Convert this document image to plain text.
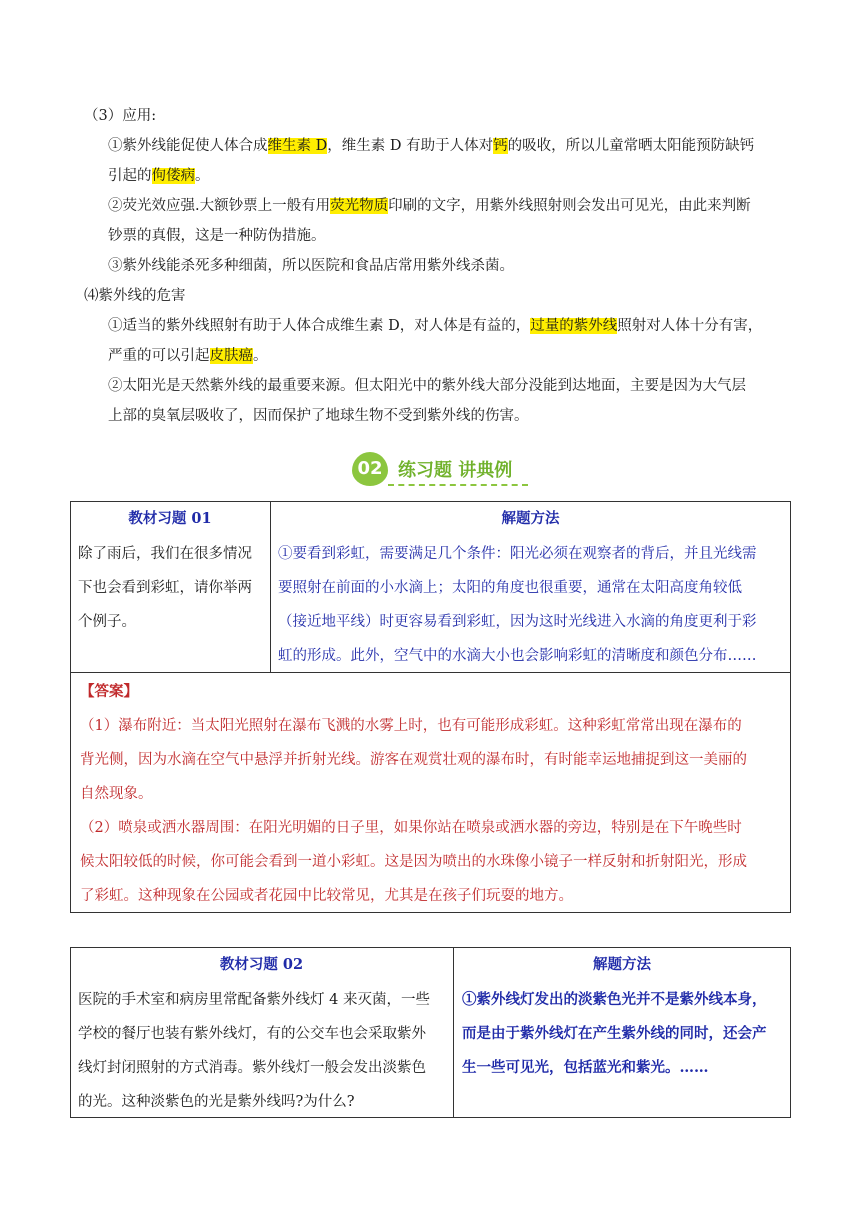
（3）应用:
①紫外线能促使人体合成维生素 D，维生素 D 有助于人体对钙的吸收，所以儿童常晒太阳能预防缺钙
引起的佝偻病。
②荧光效应强.大额钞票上一般有用荧光物质印刷的文字，用紫外线照射则会发出可见光，由此来判断
钞票的真假，这是一种防伪措施。
③紫外线能杀死多种细菌，所以医院和食品店常用紫外线杀菌。
⑷紫外线的危害
①适当的紫外线照射有助于人体合成维生素 D，对人体是有益的，过量的紫外线照射对人体十分有害，
严重的可以引起皮肤癌。
②太阳光是天然紫外线的最重要来源。但太阳光中的紫外线大部分没能到达地面，主要是因为大气层
上部的臭氧层吸收了，因而保护了地球生物不受到紫外线的伤害。
02 练习题 讲典例
教材习题 01	解题方法
除了雨后，我们在很多情况
下也会看到彩虹，请你举两
个例子。
①要看到彩虹，需要满足几个条件：阳光必须在观察者的背后，并且光线需
要照射在前面的小水滴上；太阳的角度也很重要，通常在太阳高度角较低
（接近地平线）时更容易看到彩虹，因为这时光线进入水滴的角度更利于彩
虹的形成。此外，空气中的水滴大小也会影响彩虹的清晰度和颜色分布……
【答案】
（1）瀑布附近：当太阳光照射在瀑布飞溅的水雾上时，也有可能形成彩虹。这种彩虹常常出现在瀑布的
背光侧，因为水滴在空气中悬浮并折射光线。游客在观赏壮观的瀑布时，有时能幸运地捕捉到这一美丽的
自然现象。
（2）喷泉或洒水器周围：在阳光明媚的日子里，如果你站在喷泉或洒水器的旁边，特别是在下午晚些时
候太阳较低的时候，你可能会看到一道小彩虹。这是因为喷出的水珠像小镜子一样反射和折射阳光，形成
了彩虹。这种现象在公园或者花园中比较常见，尤其是在孩子们玩耍的地方。
教材习题 02	解题方法
医院的手术室和病房里常配备紫外线灯 4 来灭菌，一些
学校的餐厅也装有紫外线灯，有的公交车也会采取紫外
线灯封闭照射的方式消毒。紫外线灯一般会发出淡紫色
的光。这种淡紫色的光是紫外线吗?为什么?
①紫外线灯发出的淡紫色光并不是紫外线本身，
而是由于紫外线灯在产生紫外线的同时，还会产
生一些可见光，包括蓝光和紫光。……
